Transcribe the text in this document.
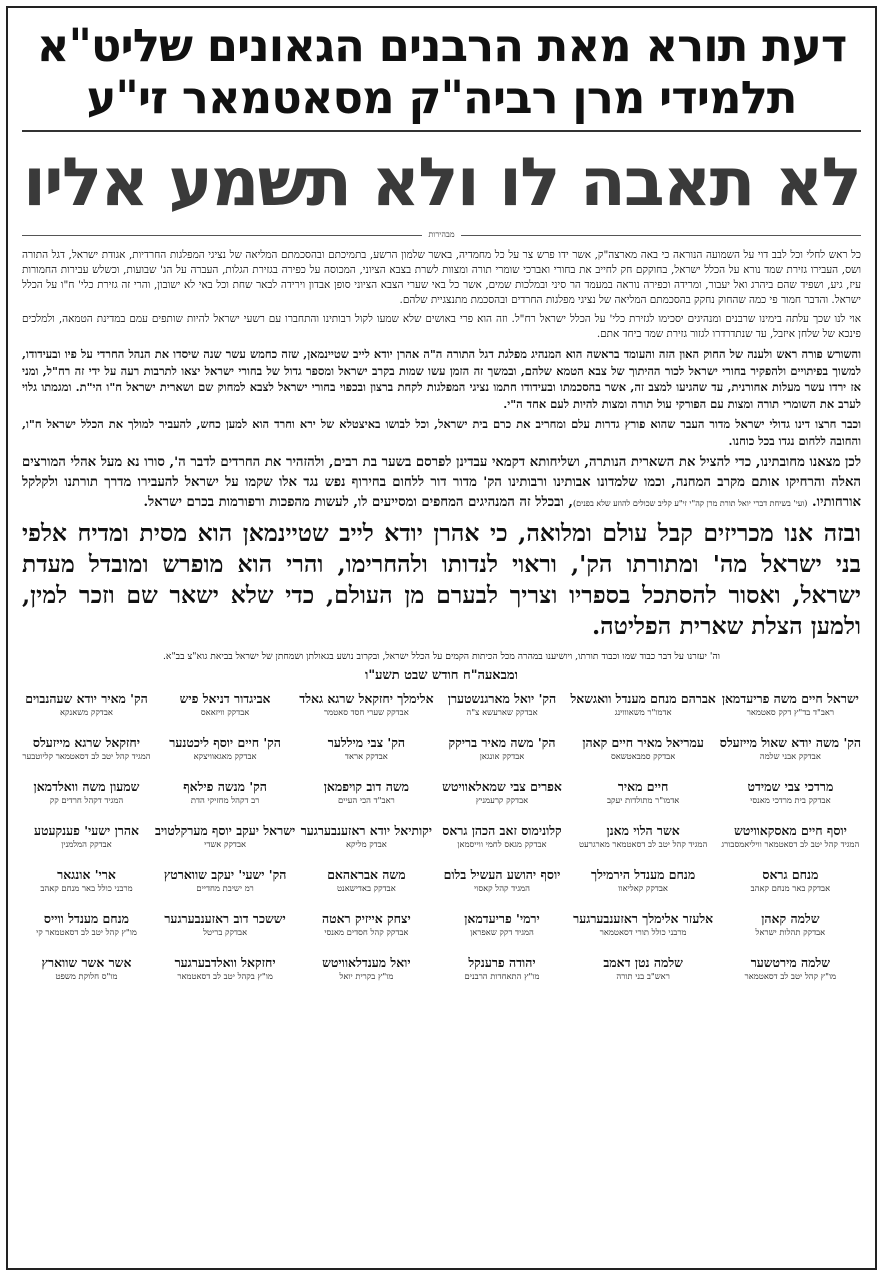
דעת תורא מאת הרבנים הגאונים שליט"א
תלמידי מרן רביה"ק מסאטמאר זי"ע
לא תאבה לו ולא תשמע אליו
מבהירות

כל ראש לחלי וכל לבב דוי על השמועה הנוראה כי באה מארצה"ק, אשר ידו פרש צר על כל מחמדיה, באשר שלמון הרשע, בתמיכתם ובהסכמתם המליאה של נציגי המפלגות החרדיות, אגודת ישראל, דגל התורה ושס, העבירו גזירת שמד נורא על הכלל ישראל, בחוקקם חק לחייב את בחורי ואברכי שומרי תורה ומצוות לשרת בצבא הציוני, המכוסה על כפירה בגזירת הגלות, העברה על הג' שבועות, וכשלש עבירות החמורות עיז, גיע, ושפיד שהם ביהרג ואל יעבור, ומרידה וכפירה נוראה במעמד הר סיני ובמלכות שמים, אשר כל באי שערי הצבא הציוני סופן אבדון וירידה לבאר שחת וכל באי לא ישובון, והרי זה גזירת כלי' ח"ו על הכלל ישראל. והדבר חמור פי כמה שהחוק נחקק בהסכמתם המליאה של נציגי מפלגות החרדים ובהסכמת מתנצגיית שלהם.

אוי לנו שכך עלתה בימינו שרבנים ומנהיגים יסכימו לגזירת כלי' על הכלל ישראל רח"ל. וזה הוא פרי באושים שלא שמעו לקול רבותינו והתחברו עם רשעי ישראל להיות שותפים עמם במדינת הטמאה, ולמלכים פינכא של שלחן איזבל, עד שנתדרדרו לגזור גזירת שמד ביחד אתם.

והשורש פורה ראש ולענה של החוק האון הזה והעומד בראשה הוא המנהיג מפלגת דגל התורה ה"ה אהרן יודא לייב שטיינמאן, שזה כחמש עשר שנה שיסדו את הנהל החרדי על פיו ובעידודו, למשוך בפיתויים ולהפקיר בחורי ישראל לכור ההיתוך של צבא הטמא שלהם, ובמשך זה הזמן עשו שמות בקרב ישראל ומספר גדול של בחורי ישראל יצאו לתרבות רעה על ידי זה רח"ל, ומני אז ירדו עשר מעלות אחורנית, עד שהגיעו למצב זה, אשר בהסכמתו ובעידודו חתמו נציגי המפלגות לקחת ברצון ובכפוי בחורי ישראל לצבא למחוק שם ושארית ישראל ח"ו הי"ת. ומגמתו גלוי לערב את השומרי תורה ומצות עם הפורקי עול תורה ומצות להיות לעם אחד ה"י.

וכבר חרצו דינו גדולי ישראל מדור העבר שהוא פורץ גדרות עלם ומחריב את כרם בית ישראל, וכל לבושו באיצטלא של ירא וחרד הוא למען כחש, להעביר למולך את הכלל ישראל ח"ו, והחובה ללחום נגדו בכל כוחנו.

לכן מצאנו מחובתינו, כדי להציל את השארית הנותרה, ושליחותא דקמאי עבדינן לפרסם בשער בת רבים, ולהזהיר את החרדים לדבר ה', סורו נא מעל אהלי המורצים האלה והרחיקו אותם מקרב המחנה, וכמו שלמדונו אבותינו ורבותינו הק' מדור דור ללחום בחירוף נפש נגד אלו שקמו על ישראל להעבירו מדרך תורתנו ולקלקל אורחותיו. (ועי' בשיחת דברי יואל תורת מרן קה"י זי"ע קליב שכולים להוזע שלא בפנים), ובכלל זה המנהיגים המחפים ומסייעים לו, לעשות מהפכות ורפורמות בכרם ישראל.

ובזה אנו מכריזים קבל עולם ומלואה, כי אהרן יודא לייב שטיינמאן הוא מסית ומדיח אלפי בני ישראל מה' ומתורתו הק', וראוי לנדותו ולהחרימו, והרי הוא מופרש ומובדל מעדת ישראל, ואסור להסתכל בספריו וצריך לבערם מן העולם, כדי שלא ישאר שם וזכר למין, ולמען הצלת שארית הפליטה.

וה' יעזרנו על דבר כבוד שמו וכבוד תורתו, ויושיענו במהרה מכל הכיתות הקמים על הכלל ישראל, ובקרוב נושע בגאולתן ושמחתן של ישראל בביאת גוא"צ בב"א.
ומבאעה"ח חודש שבט תשע"ו
ישראל חיים משה פריעדמאן
ראב"ד בד"ץ דקק סאטמאר
אברהם מנחם מענדל וואגשאל
אדמו"ר משאוווינג
הק' יואל מארגנשטערן
אבדקק שארעשא צ"ה
אלימלך יחזקאל שרגא גאלד
אבדקק שערי חסד סאטמר
אביגדור דניאל פיש
אבדקק וויזאאס
הק' מאיר יודא שעהנבוים
אבדקק משאנקא
הק' משה יודא שאול מייזעלס
אבדקק אבני שלמה
עמריאל מאיר חיים קאהן
אבדקק סמבאטשאס
הק' משה מאיר בריקק
אבדקק אונגאן
הק' צבי מיללער
אבדקק אראד
הק' חיים יוסף ליכטנער
אבדקק מאגאוויצקא
יחזקאל שרגא מייזעלס
המגיד קהל יטב לב דסאטמאר קליוטבער
מרדכי צבי שמידט
אבדקק בית מרדכי מאנסי
חיים מאיר
אדמו"ר מתולדות יעקב
אפרים צבי שמאלאוויטש
אבדקק קרעמניץ
משה דוב קויפמאן
ראב"ד הכי העיים
הק' מנשה פילאף
רב דקהל מחזיקי הדת
שמעון משה וואלדמאן
המגיד דקהל חרדים קק
יוסף חיים מאסקאוויטש
המגיד קהל יטב לב דסאטמאר וויליאמסבורג
אשר הלוי מאנן
המגיד קהל יטב לב דסאטמאר מארגרעט
קלונימוס זאב הכהן גראס
אבדקק מגאס לחמי ווייסמאן
יקותיאל יודא ראזענבערגער
אבדק מליקא
ישראל יעקב יוסף מערקלטויב
אבדקק אשדי
אהרן ישעי' פענקעטע
אבדקק המלמנין
מנחם גראס
אבדקק באר מנחם קאהב
מנחם מענדל הירמילך
אבדקק קאליאוו
יוסף יהושע העשיל בלום
המגיד קהל קאסוי
משה אבראהאם
אבדקק באדישאנט
הק' ישעי' יעקב שווארטץ
רמ ישיבת מחדיים
ארי' אונגאר
מרבני כולל באר מנחם קאהב
שלמה קאהן
אבדקק תהלות ישראל
אלעזר אלימלך ראזענבערגער
מרבני כולל תורי דסאטמאר
ירמי' פריעדמאן
המגיד דקק שאפראן
יצחק אייזיק ראטה
אבדקק קהל חסדים מאנסי
יששכר דוב ראזענבערגער
אבדקק בריטל
מנחם מענדל ווייס
מו"ץ קהל יטב לב דסאטמאר קי
שלמה מירטשער
מו"ץ קהל יטב לב דסאטמאר
שלמה נטן דאמב
ראש"ב בני תורה
יהודה פרענקל
מו"ץ התאחדות הרבנים
יואל מענדלאוויטש
מו"ץ בקרית יואל
יחזקאל וואלדבערגער
מו"ץ בקהל יטב לב דסאטמאר
אשר אשר שווארץ
מו"ס חלוקת משפט
